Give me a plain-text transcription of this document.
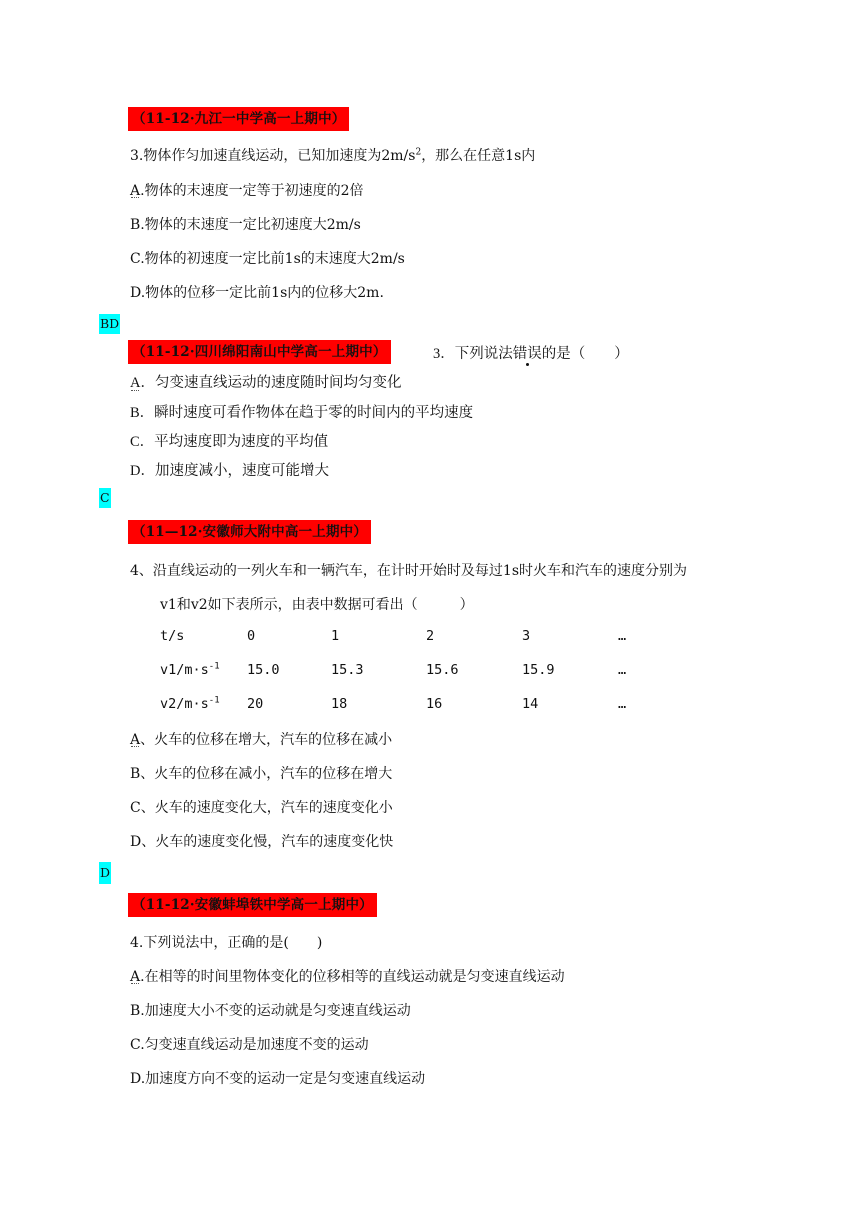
（11-12·九江一中学高一上期中）
3.物体作匀加速直线运动，已知加速度为$2m/s^2$，那么在任意1s内
A
.物体的末速度一定等于初速度的2倍
B.物体的末速度一定比初速度大2m/s
C.物体的初速度一定比前1s的末速度大2m/s
D.物体的位移一定比前1s内的位移大2m.
BD
（11-12·四川绵阳南山中学高一上期中）	3．下列说法错误的是（　　）
A
．匀变速直线运动的速度随时间均匀变化
B．瞬时速度可看作物体在趋于零的时间内的平均速度
C．平均速度即为速度的平均值
D．加速度减小，速度可能增大
C
（11—12·安徽师大附中高一上期中）
4、沿直线运动的一列火车和一辆汽车，在计时开始时及每过1s时火车和汽车的速度分别为
v1和v2如下表所示，由表中数据可看出（　　　）
t/s	0	1	2	3	…
$v1/m\cdot s^{-1}$ 15.0	15.3	15.6	15.9	…
$v2/m\cdot s^{-1}$ 20	18	16	14	…
A
、火车的位移在增大，汽车的位移在减小
B、火车的位移在减小，汽车的位移在增大
C、火车的速度变化大，汽车的速度变化小
D、火车的速度变化慢，汽车的速度变化快
D
（11-12·安徽蚌埠铁中学高一上期中）
4.下列说法中，正确的是(　　)
A
.在相等的时间里物体变化的位移相等的直线运动就是匀变速直线运动
B.加速度大小不变的运动就是匀变速直线运动
C.匀变速直线运动是加速度不变的运动
D.加速度方向不变的运动一定是匀变速直线运动
